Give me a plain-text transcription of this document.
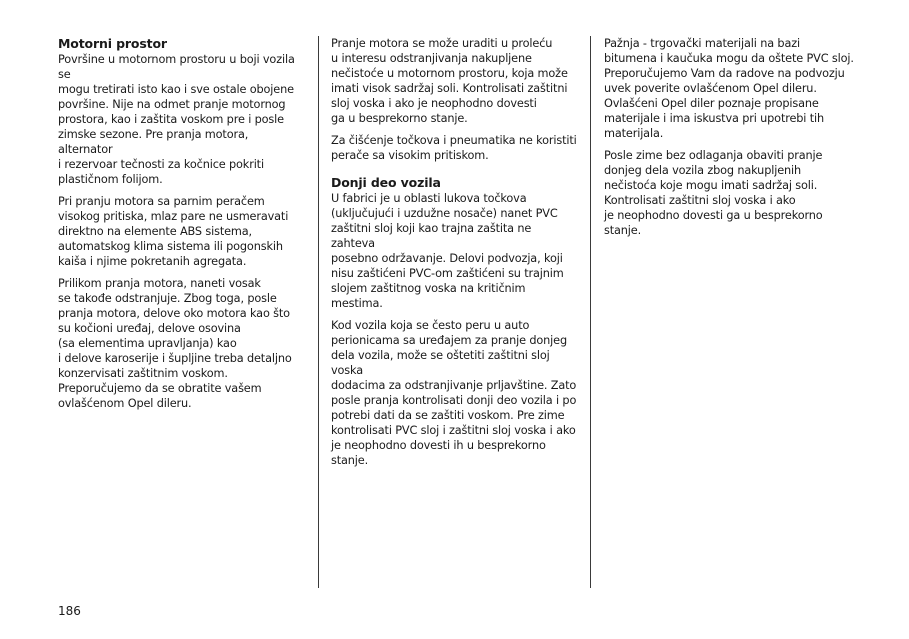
Motorni prostor

Površine u motornom prostoru u boji vozila se
mogu tretirati isto kao i sve ostale obojene
površine. Nije na odmet pranje motornog
prostora, kao i zaštita voskom pre i posle
zimske sezone. Pre pranja motora, alternator
i rezervoar tečnosti za kočnice pokriti
plastičnom folijom.

Pri pranju motora sa parnim peračem
visokog pritiska, mlaz pare ne usmeravati
direktno na elemente ABS sistema,
automatskog klima sistema ili pogonskih
kaiša i njime pokretanih agregata.

Prilikom pranja motora, naneti vosak
se takođe odstranjuje. Zbog toga, posle
pranja motora, delove oko motora kao što
su kočioni uređaj, delove osovina
(sa elementima upravljanja) kao
i delove karoserije i šupljine treba detaljno
konzervisati zaštitnim voskom.
Preporučujemo da se obratite vašem
ovlašćenom Opel dileru.

Pranje motora se može uraditi u proleću
u interesu odstranjivanja nakupljene
nečistoće u motornom prostoru, koja može
imati visok sadržaj soli. Kontrolisati zaštitni
sloj voska i ako je neophodno dovesti
ga u besprekorno stanje.

Za čišćenje točkova i pneumatika ne koristiti
perače sa visokim pritiskom.

Donji deo vozila

U fabrici je u oblasti lukova točkova
(uključujući i uzdužne nosače) nanet PVC
zaštitni sloj koji kao trajna zaštita ne zahteva
posebno održavanje. Delovi podvozja, koji
nisu zaštićeni PVC-om zaštićeni su trajnim
slojem zaštitnog voska na kritičnim mestima.

Kod vozila koja se često peru u auto
perionicama sa uređajem za pranje donjeg
dela vozila, može se oštetiti zaštitni sloj voska
dodacima za odstranjivanje prljavštine. Zato
posle pranja kontrolisati donji deo vozila i po
potrebi dati da se zaštiti voskom. Pre zime
kontrolisati PVC sloj i zaštitni sloj voska i ako
je neophodno dovesti ih u besprekorno
stanje.

Pažnja - trgovački materijali na bazi
bitumena i kaučuka mogu da oštete PVC sloj.
Preporučujemo Vam da radove na podvozju
uvek poverite ovlašćenom Opel dileru.
Ovlašćeni Opel diler poznaje propisane
materijale i ima iskustva pri upotrebi tih
materijala.

Posle zime bez odlaganja obaviti pranje
donjeg dela vozila zbog nakupljenih
nečistoća koje mogu imati sadržaj soli.
Kontrolisati zaštitni sloj voska i ako
je neophodno dovesti ga u besprekorno
stanje.

186
